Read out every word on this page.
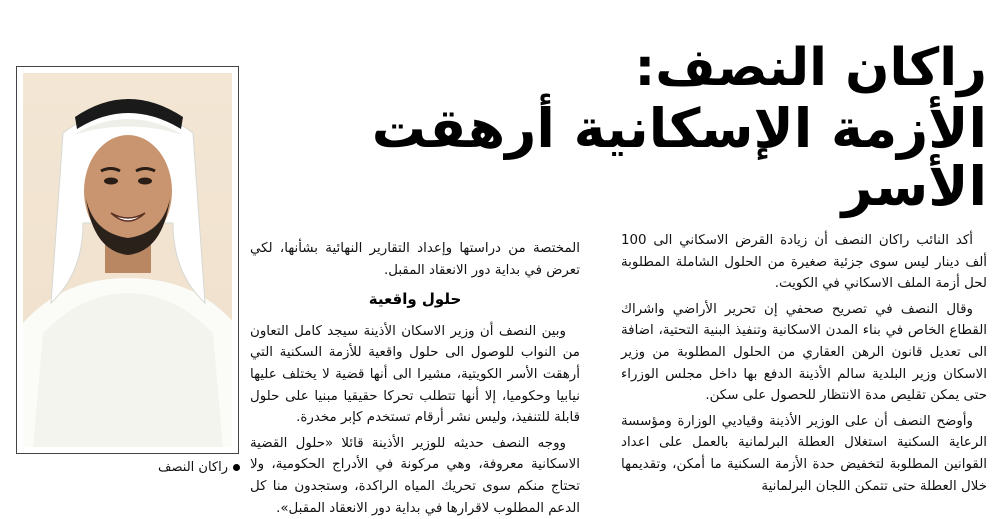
راكان النصف:
الأزمة الإسكانية أرهقت الأسر
راكان النصف

أكد النائب راكان النصف أن زيادة القرض الاسكاني الى 100 ألف دينار ليس سوى جزئية صغيرة من الحلول الشاملة المطلوبة لحل أزمة الملف الاسكاني في الكويت.

وقال النصف في تصريح صحفي إن تحرير الأراضي واشراك القطاع الخاص في بناء المدن الاسكانية وتنفيذ البنية التحتية، اضافة الى تعديل قانون الرهن العقاري من الحلول المطلوبة من وزير الاسكان وزير البلدية سالم الأذينة الدفع بها داخل مجلس الوزراء حتى يمكن تقليص مدة الانتظار للحصول على سكن.

وأوضح النصف أن على الوزير الأذينة وقياديي الوزارة ومؤسسة الرعاية السكنية استغلال العطلة البرلمانية بالعمل على اعداد القوانين المطلوبة لتخفيض حدة الأزمة السكنية ما أمكن، وتقديمها خلال العطلة حتى تتمكن اللجان البرلمانية

المختصة من دراستها وإعداد التقارير النهائية بشأنها، لكي تعرض في بداية دور الانعقاد المقبل.

حلول واقعية

وبين النصف أن وزير الاسكان الأذينة سيجد كامل التعاون من النواب للوصول الى حلول واقعية للأزمة السكنية التي أرهقت الأسر الكويتية، مشيرا الى أنها قضية لا يختلف عليها نيابيا وحكوميا، إلا أنها تتطلب تحركا حقيقيا مبنيا على حلول قابلة للتنفيذ، وليس نشر أرقام تستخدم كإبر مخدرة.

ووجه النصف حديثه للوزير الأذينة قائلا «حلول القضية الاسكانية معروفة، وهي مركونة في الأدراج الحكومية، ولا تحتاج منكم سوى تحريك المياه الراكدة، وستجدون منا كل الدعم المطلوب لاقرارها في بداية دور الانعقاد المقبل».
